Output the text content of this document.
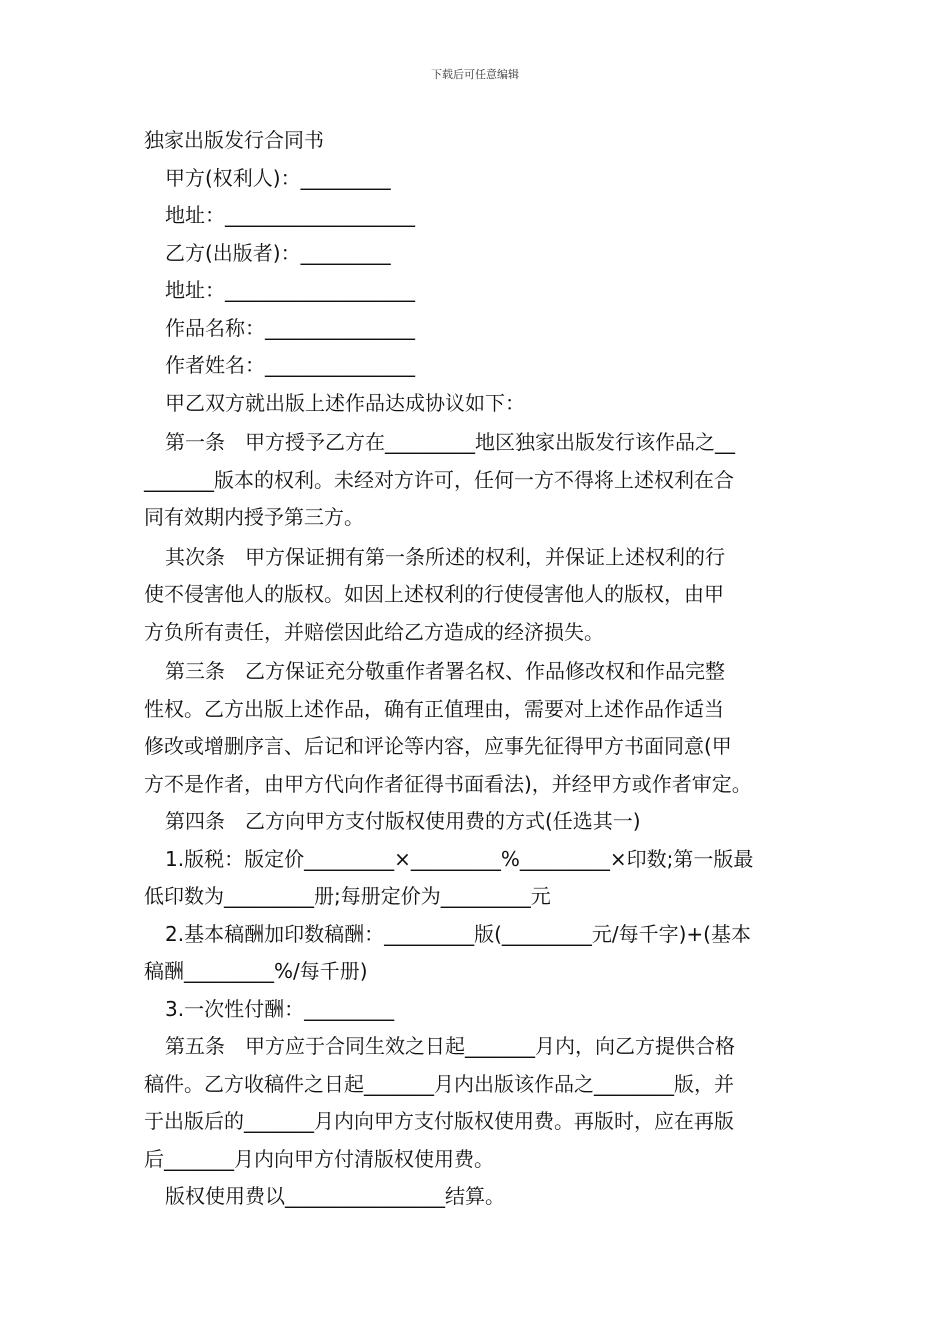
下载后可任意编辑
独家出版发行合同书
甲方(权利人)：_________
地址：___________________
乙方(出版者)：_________
地址：___________________
作品名称：_______________
作者姓名：_______________
甲乙双方就出版上述作品达成协议如下：
第一条　甲方授予乙方在_________地区独家出版发行该作品之__
_______版本的权利。未经对方许可，任何一方不得将上述权利在合
同有效期内授予第三方。
其次条　甲方保证拥有第一条所述的权利，并保证上述权利的行
使不侵害他人的版权。如因上述权利的行使侵害他人的版权，由甲
方负所有责任，并赔偿因此给乙方造成的经济损失。
第三条　乙方保证充分敬重作者署名权、作品修改权和作品完整
性权。乙方出版上述作品，确有正值理由，需要对上述作品作适当
修改或增删序言、后记和评论等内容，应事先征得甲方书面同意(甲
方不是作者，由甲方代向作者征得书面看法)，并经甲方或作者审定。
第四条　乙方向甲方支付版权使用费的方式(任选其一)
1.版税：版定价_________×_________%_________×印数;第一版最
低印数为_________册;每册定价为_________元
2.基本稿酬加印数稿酬：_________版(_________元/每千字)+(基本
稿酬_________%/每千册)
3.一次性付酬：_________
第五条　甲方应于合同生效之日起_______月内，向乙方提供合格
稿件。乙方收稿件之日起_______月内出版该作品之________版，并
于出版后的_______月内向甲方支付版权使用费。再版时，应在再版
后_______月内向甲方付清版权使用费。
版权使用费以________________结算。
